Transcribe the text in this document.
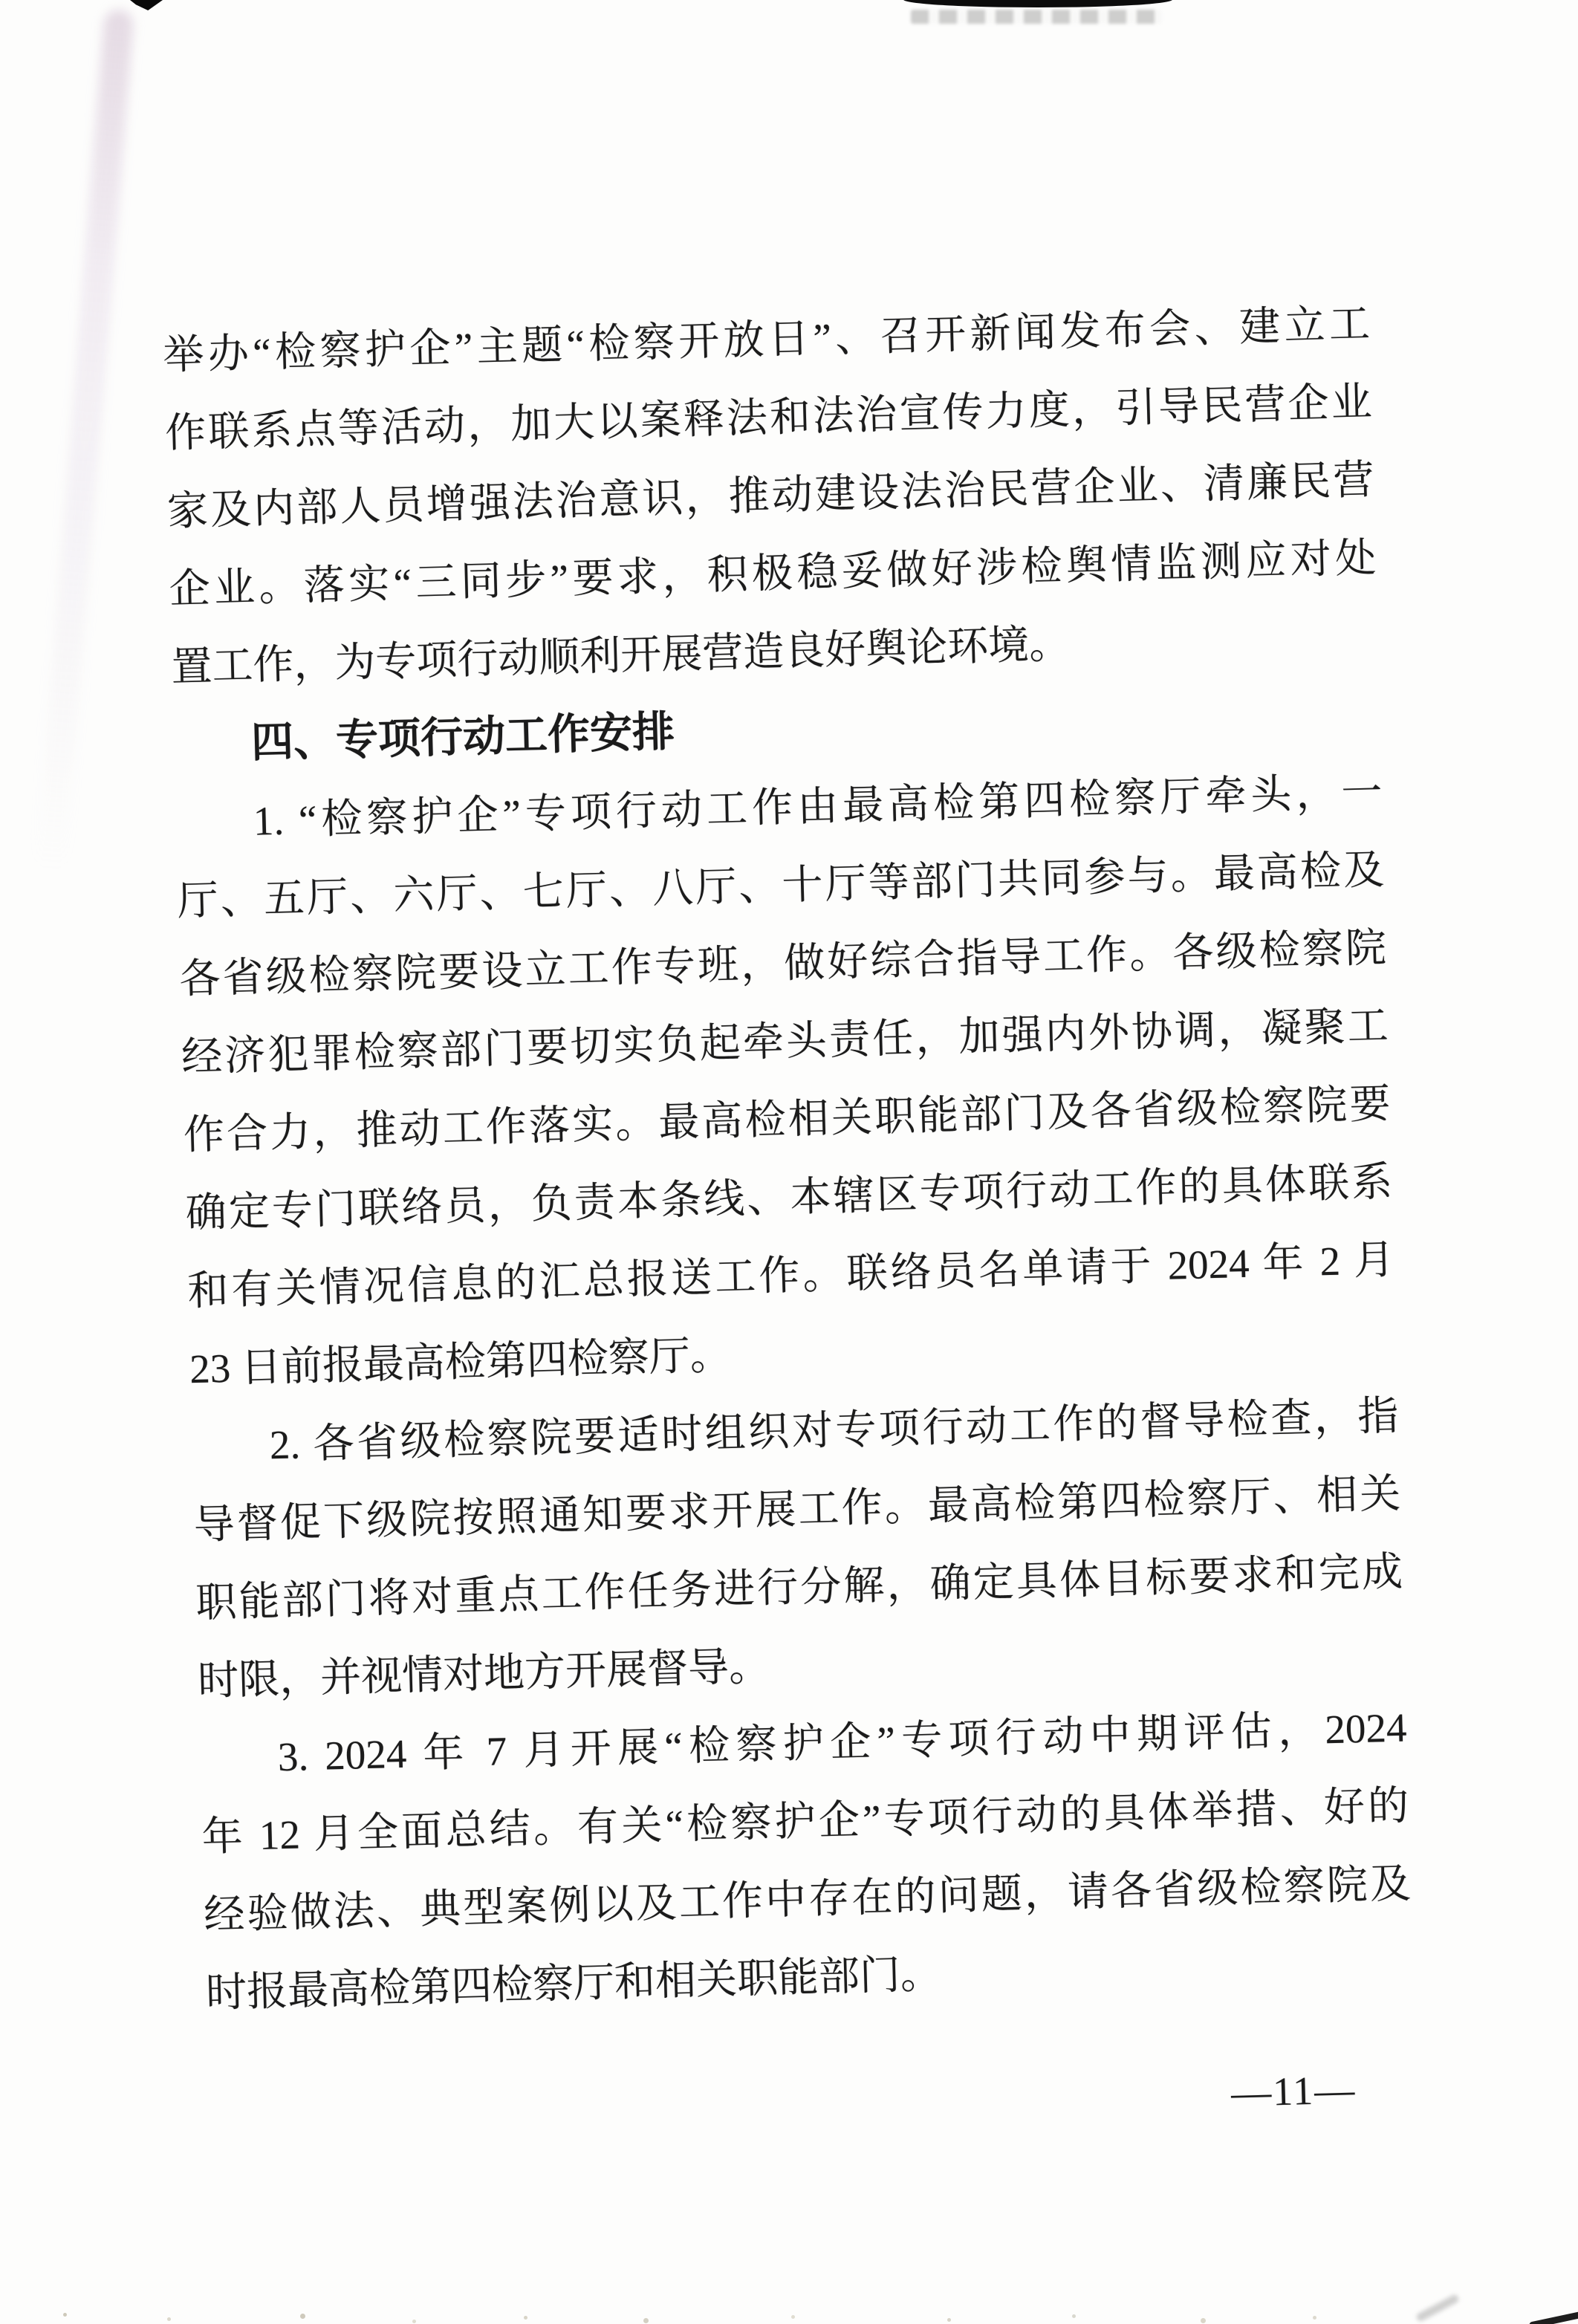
举办“检察护企”主题“检察开放日”、召开新闻发布会、建立工
作联系点等活动，加大以案释法和法治宣传力度，引导民营企业
家及内部人员增强法治意识，推动建设法治民营企业、清廉民营
企业。落实“三同步”要求，积极稳妥做好涉检舆情监测应对处
置工作，为专项行动顺利开展营造良好舆论环境。
四、专项行动工作安排
1. “检察护企”专项行动工作由最高检第四检察厅牵头，一
厅、五厅、六厅、七厅、八厅、十厅等部门共同参与。最高检及
各省级检察院要设立工作专班，做好综合指导工作。各级检察院
经济犯罪检察部门要切实负起牵头责任，加强内外协调，凝聚工
作合力，推动工作落实。最高检相关职能部门及各省级检察院要
确定专门联络员，负责本条线、本辖区专项行动工作的具体联系
和有关情况信息的汇总报送工作。联络员名单请于 2024 年 2 月
23 日前报最高检第四检察厅。
2. 各省级检察院要适时组织对专项行动工作的督导检查，指
导督促下级院按照通知要求开展工作。最高检第四检察厅、相关
职能部门将对重点工作任务进行分解，确定具体目标要求和完成
时限，并视情对地方开展督导。
3. 2024 年 7 月开展“检察护企”专项行动中期评估，2024
年 12 月全面总结。有关“检察护企”专项行动的具体举措、好的
经验做法、典型案例以及工作中存在的问题，请各省级检察院及
时报最高检第四检察厅和相关职能部门。
—11—
